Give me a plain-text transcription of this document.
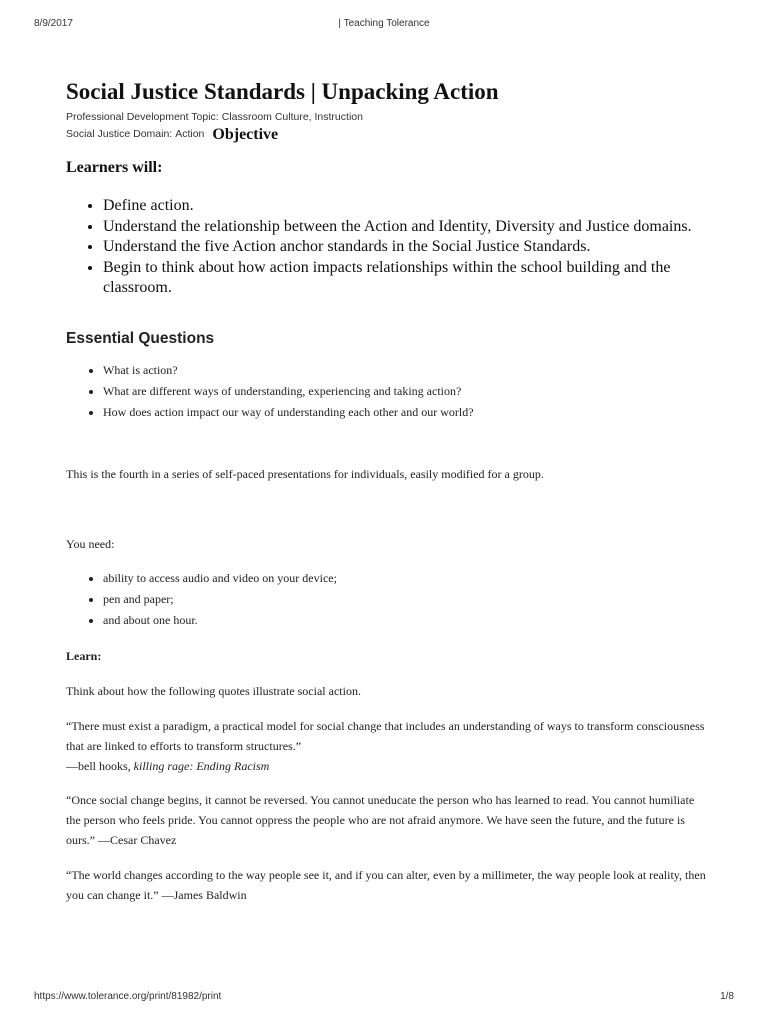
8/9/2017	| Teaching Tolerance
Social Justice Standards | Unpacking Action
Professional Development Topic: Classroom Culture, Instruction
Social Justice Domain: Action Objective
Learners will:
• Define action.
• Understand the relationship between the Action and Identity, Diversity and Justice domains.
• Understand the five Action anchor standards in the Social Justice Standards.
• Begin to think about how action impacts relationships within the school building and the classroom.
Essential Questions
• What is action?
• What are different ways of understanding, experiencing and taking action?
• How does action impact our way of understanding each other and our world?

This is the fourth in a series of self-paced presentations for individuals, easily modified for a group.

You need:

• ability to access audio and video on your device;
• pen and paper;
• and about one hour.

Learn:

Think about how the following quotes illustrate social action.

“There must exist a paradigm, a practical model for social change that includes an understanding of ways to transform consciousness that are linked to efforts to transform structures.”
—bell hooks, killing rage: Ending Racism

“Once social change begins, it cannot be reversed. You cannot uneducate the person who has learned to read. You cannot humiliate the person who feels pride. You cannot oppress the people who are not afraid anymore. We have seen the future, and the future is ours.” —Cesar Chavez

“The world changes according to the way people see it, and if you can alter, even by a millimeter, the way people look at reality, then you can change it.” —James Baldwin

https://www.tolerance.org/print/81982/print	1/8
